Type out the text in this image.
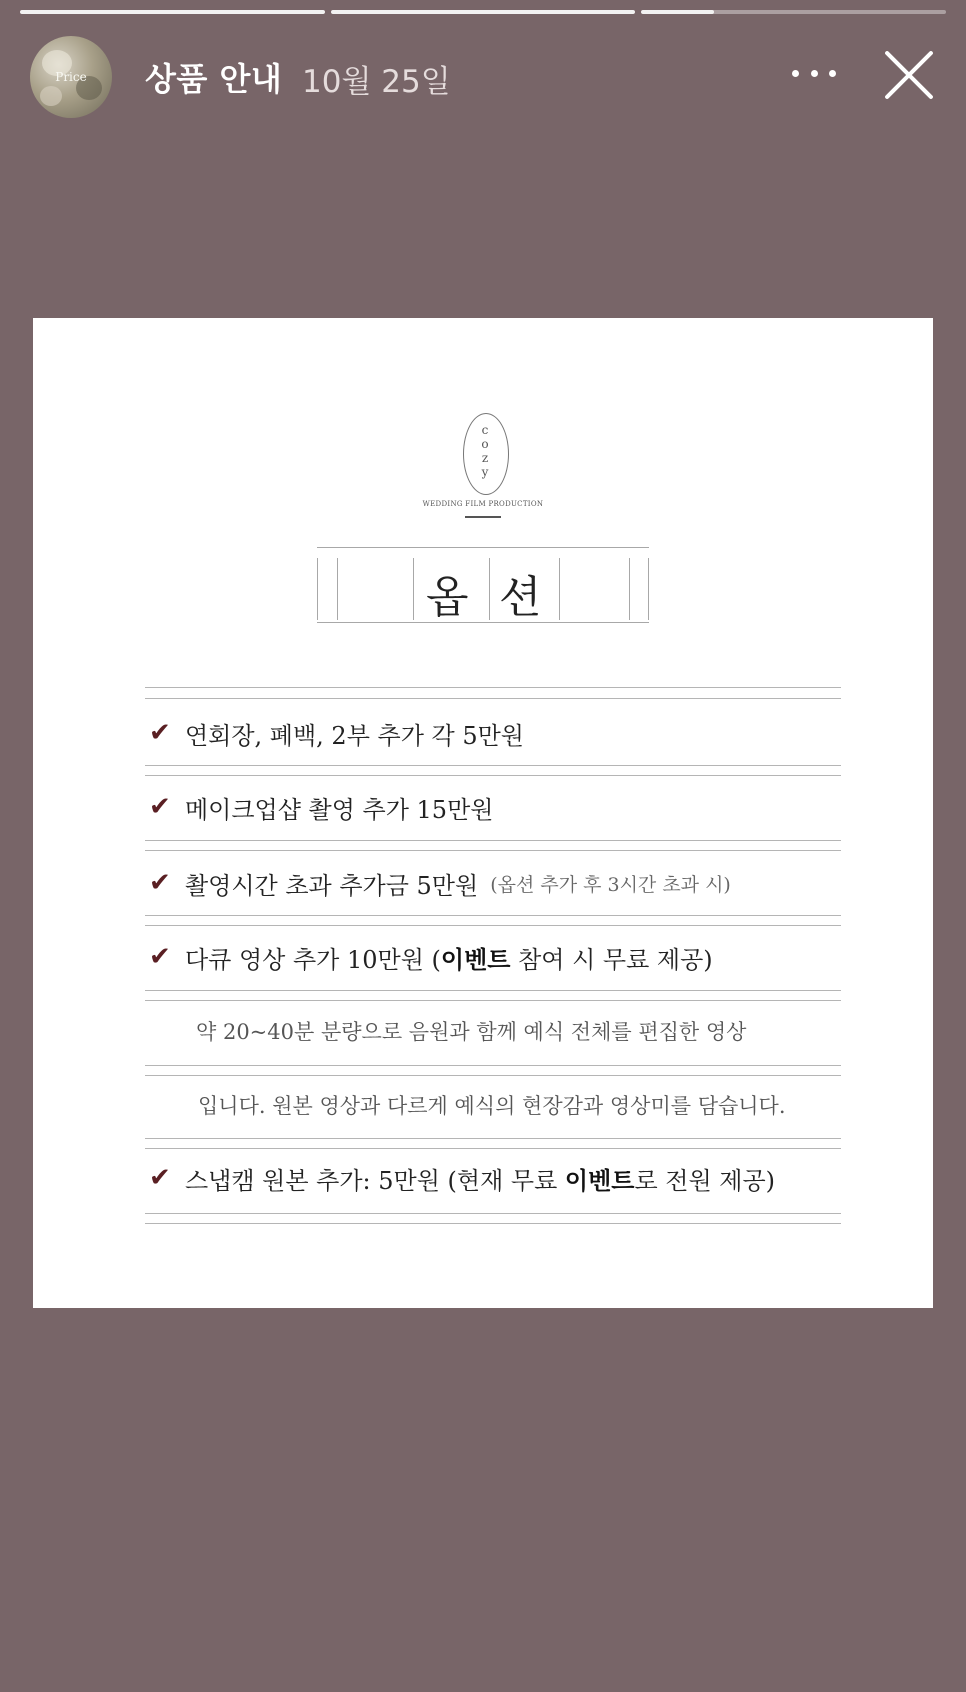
Price	상품 안내 10월 25일
c
o
z
y
WEDDING FILM PRODUCTION
옵 션
✔ 연회장, 폐백, 2부 추가 각 5만원
✔ 메이크업샵 촬영 추가 15만원
✔ 촬영시간 초과 추가금 5만원 (옵션 추가 후 3시간 초과 시)
✔ 다큐 영상 추가 10만원 (이벤트 참여 시 무료 제공)
약 20~40분 분량으로 음원과 함께 예식 전체를 편집한 영상
입니다. 원본 영상과 다르게 예식의 현장감과 영상미를 담습니다.
✔ 스냅캠 원본 추가: 5만원 (현재 무료 이벤트로 전원 제공)
